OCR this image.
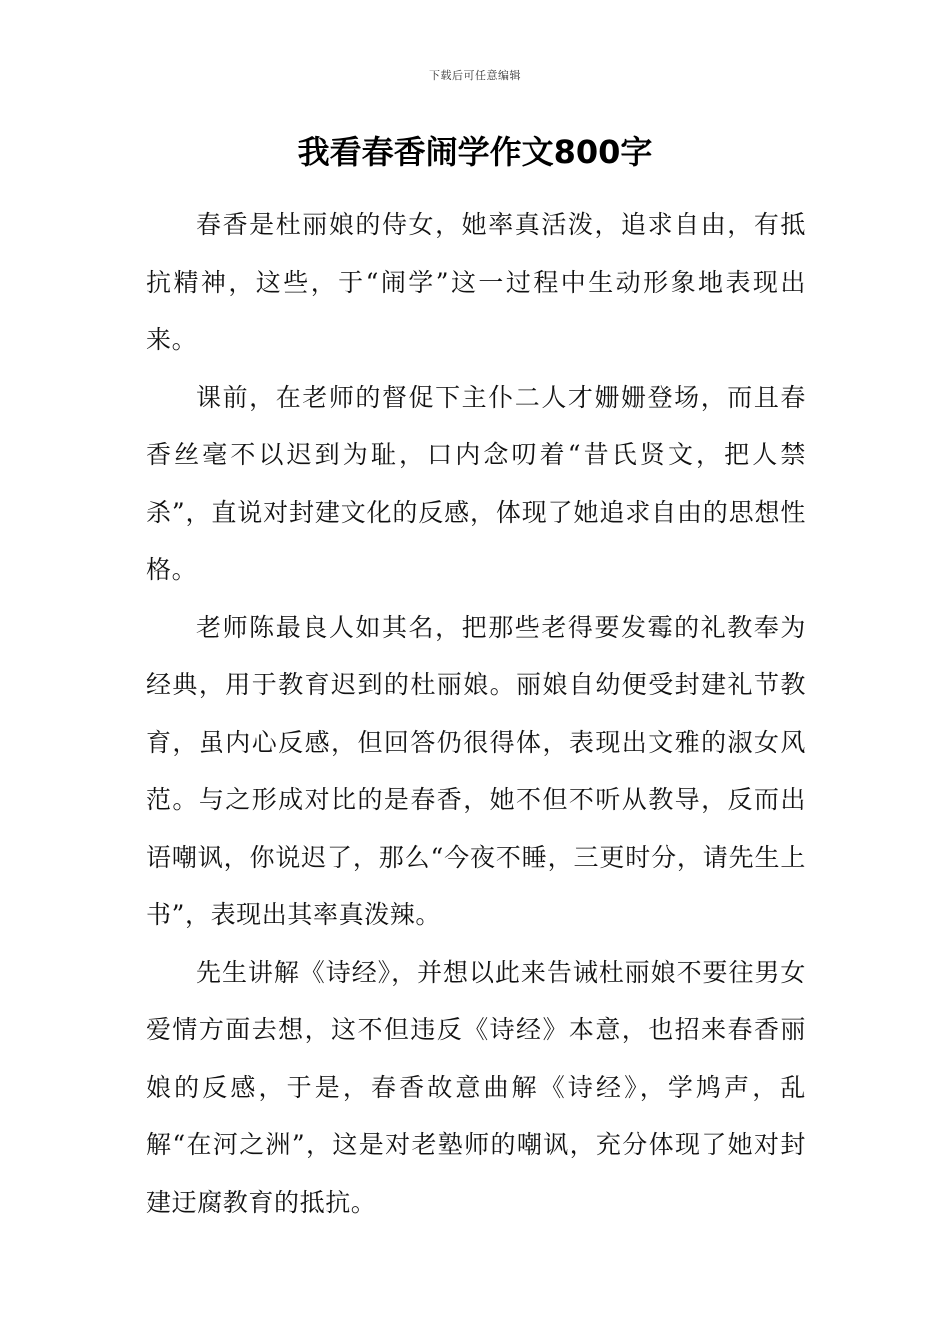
下载后可任意编辑
我看春香闹学作文800字

春香是杜丽娘的侍女，她率真活泼，追求自由，有抵抗精神，这些，于“闹学”这一过程中生动形象地表现出来。

课前，在老师的督促下主仆二人才姗姗登场，而且春香丝毫不以迟到为耻，口内念叨着“昔氏贤文，把人禁杀”，直说对封建文化的反感，体现了她追求自由的思想性格。

老师陈最良人如其名，把那些老得要发霉的礼教奉为经典，用于教育迟到的杜丽娘。丽娘自幼便受封建礼节教育，虽内心反感，但回答仍很得体，表现出文雅的淑女风范。与之形成对比的是春香，她不但不听从教导，反而出语嘲讽，你说迟了，那么“今夜不睡，三更时分，请先生上书”，表现出其率真泼辣。

先生讲解《诗经》，并想以此来告诫杜丽娘不要往男女爱情方面去想，这不但违反《诗经》本意，也招来春香丽娘的反感，于是，春香故意曲解《诗经》，学鸠声，乱解“在河之洲”，这是对老塾师的嘲讽，充分体现了她对封建迂腐教育的抵抗。
